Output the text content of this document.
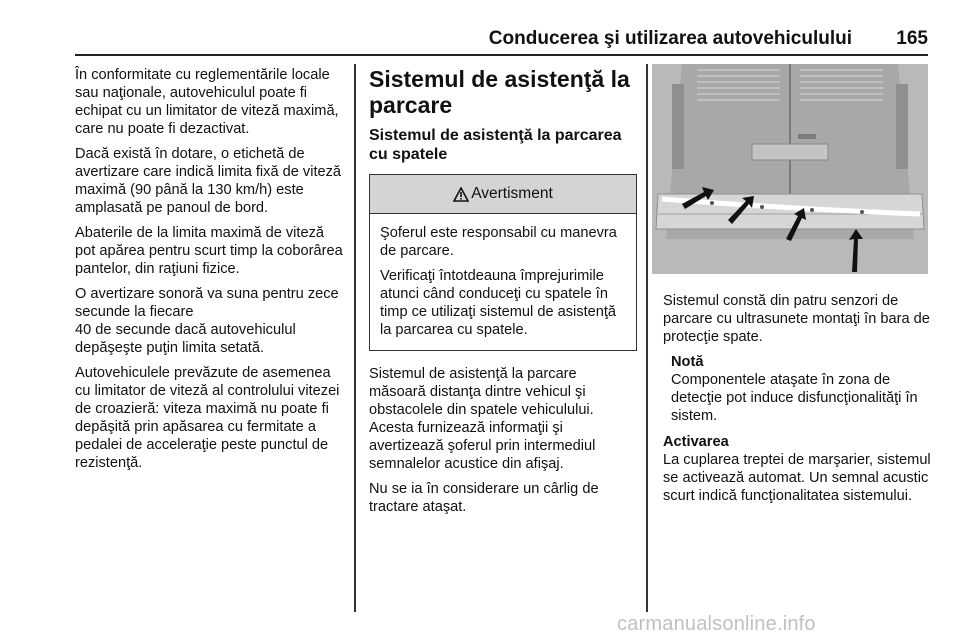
Conducerea şi utilizarea autovehiculului 165

În conformitate cu reglementările locale sau naţionale, autovehiculul poate fi echipat cu un limitator de viteză maximă, care nu poate fi dezactivat.

Dacă există în dotare, o etichetă de avertizare care indică limita fixă de viteză maximă (90 până la 130 km/h) este amplasată pe panoul de bord.

Abaterile de la limita maximă de viteză pot apărea pentru scurt timp la coborârea pantelor, din raţiuni fizice.

O avertizare sonoră va suna pentru zece secunde la fiecare
40 de secunde dacă autovehiculul depăşeşte puţin limita setată.

Autovehiculele prevăzute de asemenea cu limitator de viteză al controlului vitezei de croazieră: viteza maximă nu poate fi depăşită prin apăsarea cu fermitate a pedalei de acceleraţie peste punctul de rezistenţă.

Sistemul de asistenţă la parcare
Sistemul de asistenţă la parcarea cu spatele
Avertisment

Şoferul este responsabil cu manevra de parcare.

Verificaţi întotdeauna împrejurimile atunci când conduceţi cu spatele în timp ce utilizaţi sistemul de asistenţă la parcarea cu spatele.

Sistemul de asistenţă la parcare măsoară distanţa dintre vehicul şi obstacolele din spatele vehiculului. Acesta furnizează informaţii şi avertizează şoferul prin intermediul semnalelor acustice din afişaj.

Nu se ia în considerare un cârlig de tractare ataşat.

Sistemul constă din patru senzori de parcare cu ultrasunete montaţi în bara de protecţie spate.

Notă
Componentele ataşate în zona de detecţie pot induce disfuncţionalităţi în sistem.
Activarea

La cuplarea treptei de marşarier, sistemul se activează automat. Un semnal acustic scurt indică funcţionalitatea sistemului.

carmanualsonline.info
